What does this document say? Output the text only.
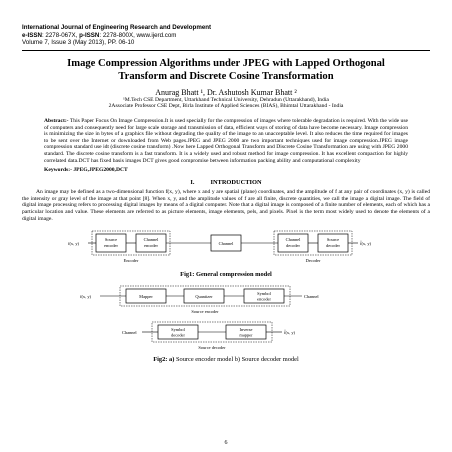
International Journal of Engineering Research and Development
e-ISSN: 2278-067X, p-ISSN: 2278-800X, www.ijerd.com
Volume 7, Issue 3 (May 2013), PP. 06-10
Image Compression Algorithms under JPEG with Lapped Orthogonal Transform and Discrete Cosine Transformation
Anurag Bhatt ¹, Dr. Ashutosh Kumar Bhatt ²
¹M.Tech CSE Department, Uttarkhand Technical University, Dehradun (Uttarakhand), India
2Associate Professor CSE Dept, Birla Institute of Applied Sciences (BIAS), Bhimtal Uttarakhand - India
Abstract:- This Paper Focus On Image Compression.It is used specially for the compression of images where tolerable degradation is required. With the wide use of computers and consequently need for large scale storage and transmission of data, efficient ways of storing of data have become necessary. Image compression is minimizing the size in bytes of a graphics file without degrading the quality of the image to an unacceptable level. It also reduces the time required for images to be sent over the Internet or downloaded from Web pages.JPEG and JPEG 2000 are two important techniques used for image compression.JPEG image compression standard use idt (discrete cosine transform) .Now here Lapped Orthogonal Transform and Discrete Cosine Transformation are using with JPEG 2000 standard. The discrete cosine transform is a fast transform. It is a widely used and robust method for image compression. It has excellent compaction for highly correlated data.DCT has fixed basis images DCT gives good compromise between information packing ability and computational complexity
Keywords:- JPEG,JPEG2000,DCT
I.          INTRODUCTION
An image may be defined as a two-dimensional function f(x, y), where x and y are spatial (plane) coordinates, and the amplitude of f at any pair of coordinates (x, y) is called the intensity or gray level of the image at that point [8]. When x, y, and the amplitude values of f are all finite, discrete quantities, we call the image a digital image. The field of digital image processing refers to processing digital images by means of a digital computer. Note that a digital image is composed of a finite number of elements, each of which has a particular location and value. These elements are referred to as picture elements, image elements, pels, and pixels. Pixel is the term most widely used to denote the elements of a digital image.
f(x, y)
Source
encoder
Channel
encoder	Channel
Channel
decoder
Source
decoder	f̂(x, y)
Encoder	Decoder
Fig1: General compression model
f(x, y)	Mapper	Quantizer
Symbol
encoder	Channel
Source encoder
Channel
Symbol
decoder
Inverse
mapper	f̂(x, y)
Source decoder
Fig2: a) Source encoder model b) Source decoder model
6
